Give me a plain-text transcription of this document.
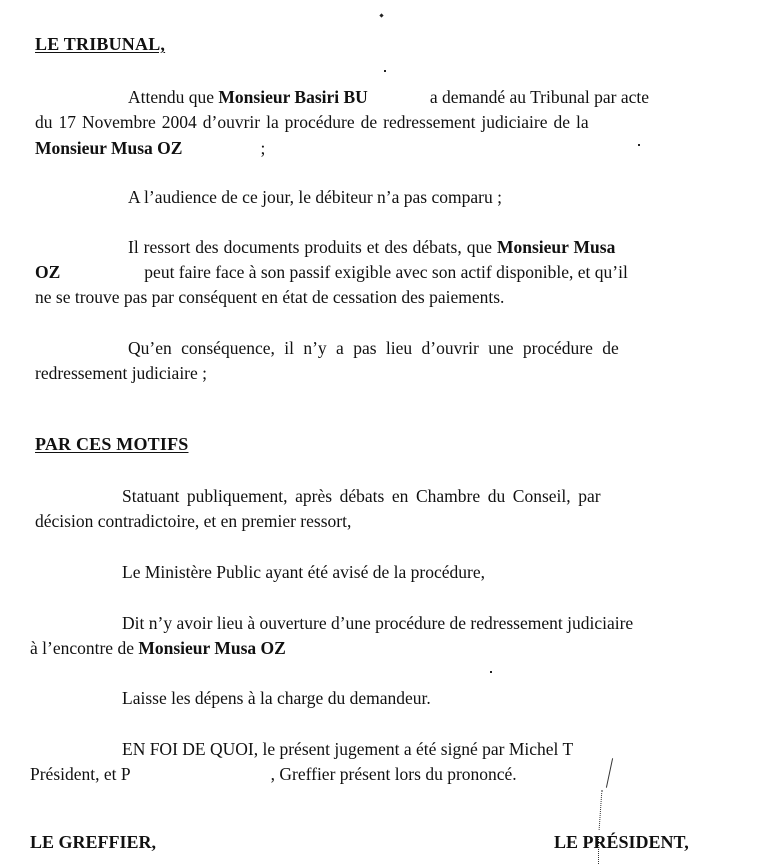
LE TRIBUNAL,
Attendu que Monsieur Basiri BU	a demandé au Tribunal par acte
du 17 Novembre 2004 d’ouvrir la procédure de redressement judiciaire de la
Monsieur Musa OZ	;
A l’audience de ce jour, le débiteur n’a pas comparu ;
Il ressort des documents produits et des débats, que Monsieur Musa
OZ	peut faire face à son passif exigible avec son actif disponible, et qu’il
ne se trouve pas par conséquent en état de cessation des paiements.
Qu’en conséquence, il n’y a pas lieu d’ouvrir une procédure de
redressement judiciaire ;
PAR CES MOTIFS
Statuant publiquement, après débats en Chambre du Conseil, par
décision contradictoire, et en premier ressort,
Le Ministère Public ayant été avisé de la procédure,
Dit n’y avoir lieu à ouverture d’une procédure de redressement judiciaire
à l’encontre de Monsieur Musa OZ
Laisse les dépens à la charge du demandeur.
EN FOI DE QUOI, le présent jugement a été signé par Michel T
Président, et P	, Greffier présent lors du prononcé.
LE GREFFIER,	LE PRÉSIDENT,
